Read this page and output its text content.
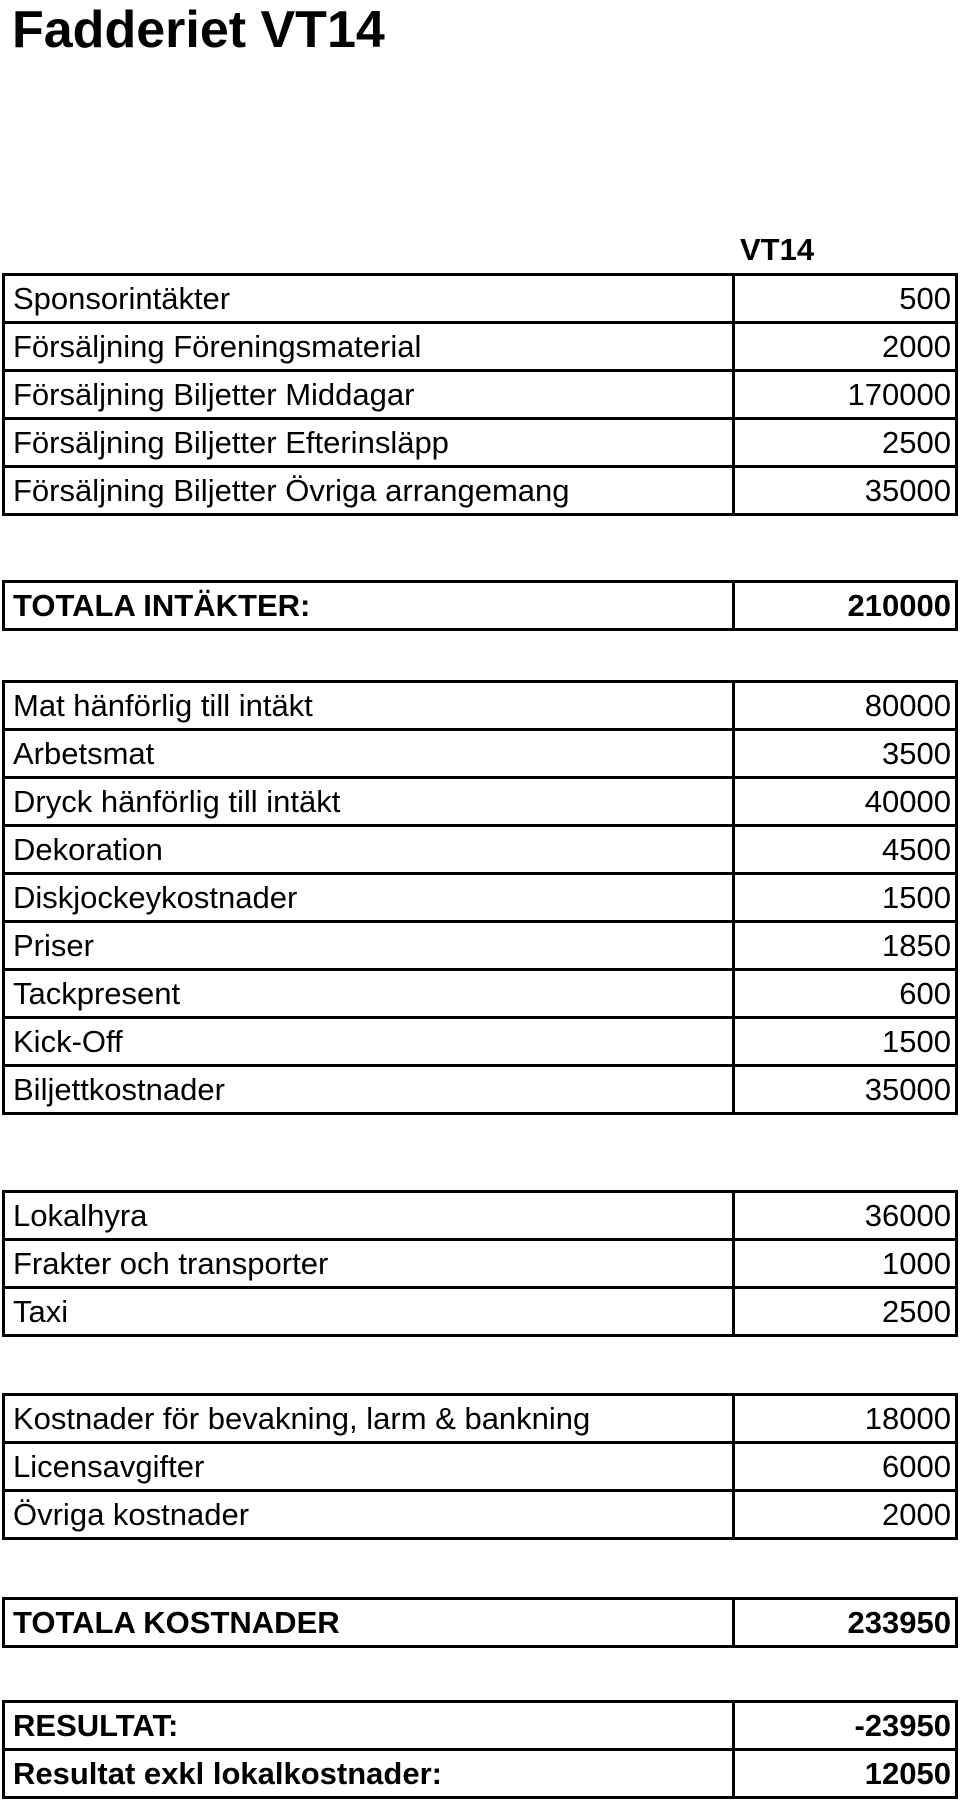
Fadderiet VT14
VT14
Sponsorintäkter	500
Försäljning Föreningsmaterial	2000
Försäljning Biljetter Middagar	170000
Försäljning Biljetter Efterinsläpp	2500
Försäljning Biljetter Övriga arrangemang	35000
TOTALA INTÄKTER:	210000
Mat hänförlig till intäkt	80000
Arbetsmat	3500
Dryck hänförlig till intäkt	40000
Dekoration	4500
Diskjockeykostnader	1500
Priser	1850
Tackpresent	600
Kick-Off	1500
Biljettkostnader	35000
Lokalhyra	36000
Frakter och transporter	1000
Taxi	2500
Kostnader för bevakning, larm & bankning	18000
Licensavgifter	6000
Övriga kostnader	2000
TOTALA KOSTNADER	233950
RESULTAT:	-23950
Resultat exkl lokalkostnader:	12050
